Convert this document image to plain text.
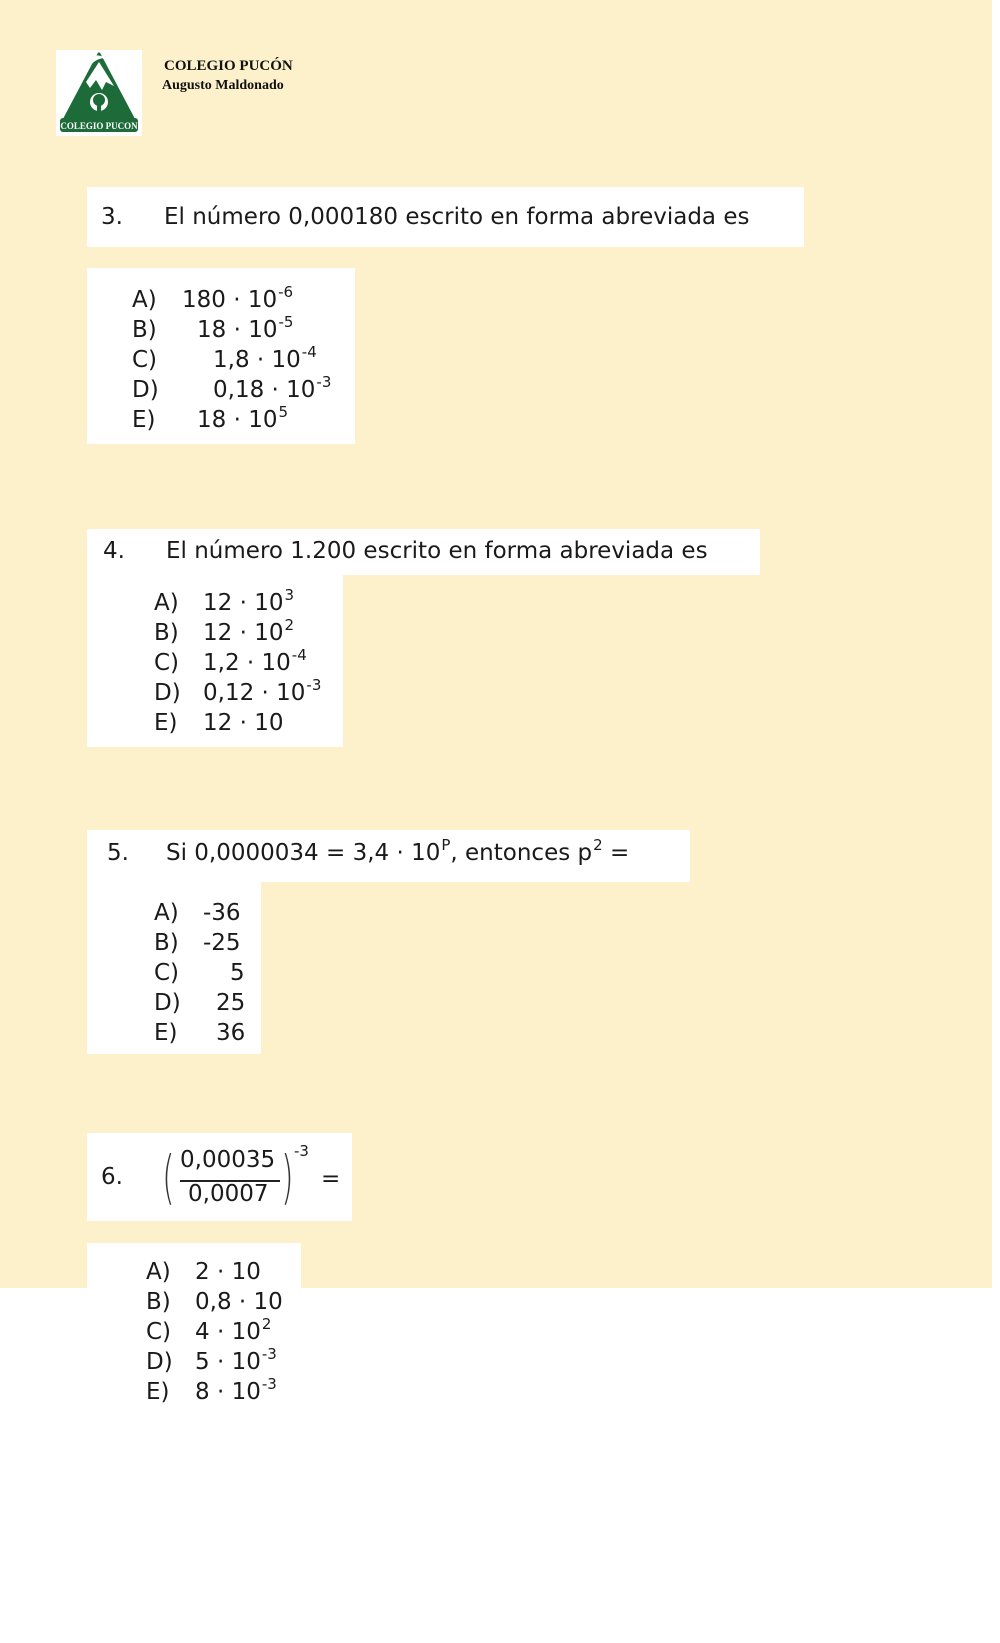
COLEGIO PUCON
COLEGIO PUCÓN
Augusto Maldonado
3. El número 0,000180 escrito en forma abreviada es
A) $180 \cdot 10^{-6}$
B) $18 \cdot 10^{-5}$
C) $1,8 \cdot 10^{-4}$
D) $0,18 \cdot 10^{-3}$
E) $18 \cdot 10^5$
4. El número 1.200 escrito en forma abreviada es
A) $12 \cdot 10^3$
B) $12 \cdot 10^2$
C) $1,2 \cdot 10^{-4}$
D) $0,12 \cdot 10^{-3}$
E) 12 · 10
5. Si $0,0000034 = 3,4 \cdot 10^P$, entonces $p^2$ =
A) -36
B) -25
C) 5
D) 25
E) 36
6. ( 0,00035
0,0007 ) -3
=
A) 2 · 10
B) 0,8 · 10
C) $4 \cdot 10^2$
D) $5 \cdot 10^{-3}$
E) $8 \cdot 10^{-3}$
